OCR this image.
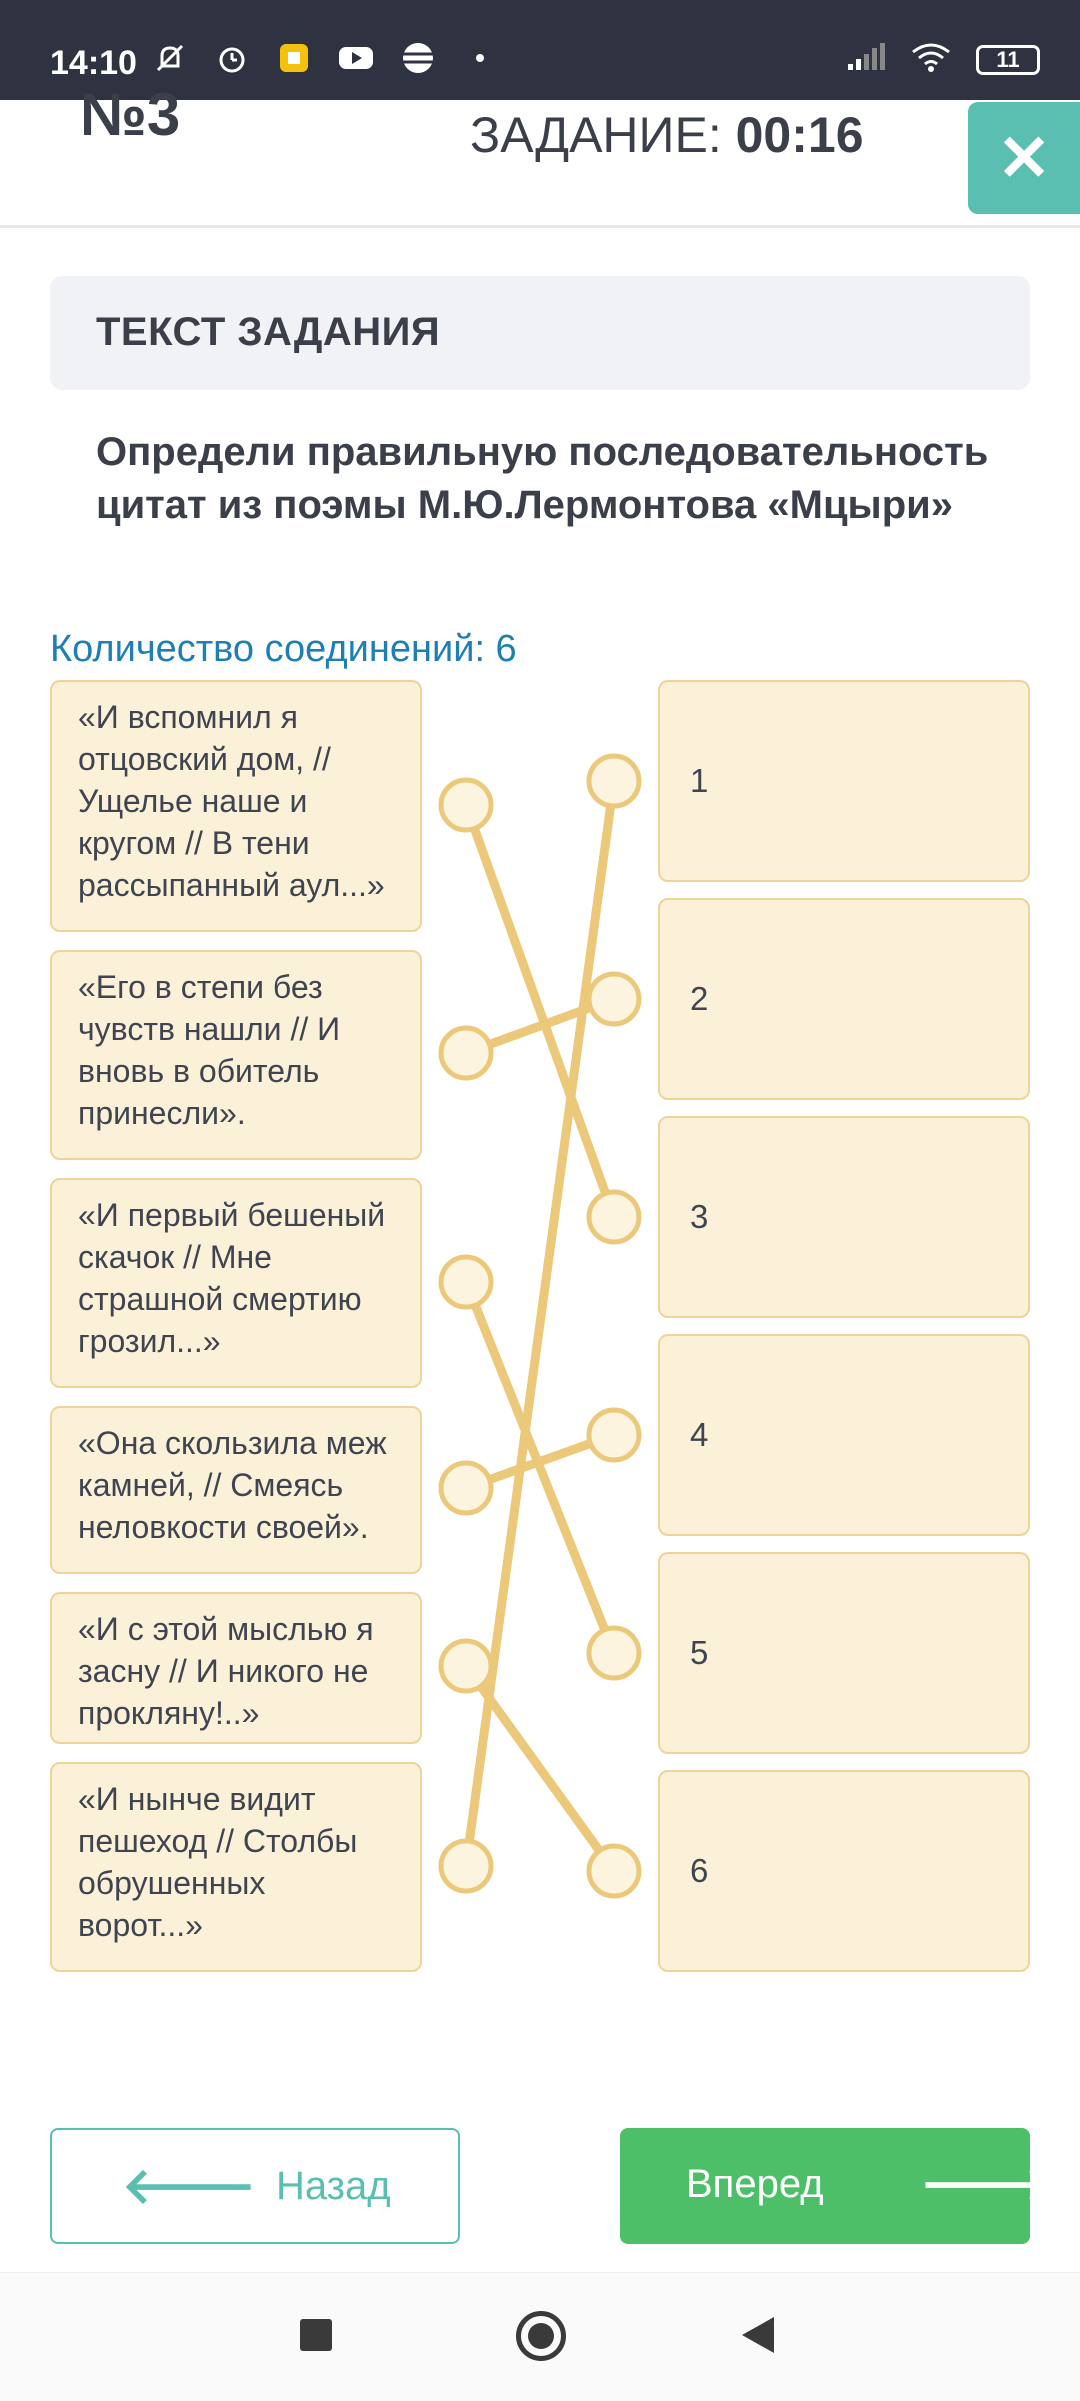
14:10	11
№3	ЗАДАНИЕ: 00:16 ✕
ТЕКСТ ЗАДАНИЯ
Определи правильную последовательность цитат из поэмы М.Ю.Лермонтова «Мцыри»
Количество соединений: 6
«И вспомнил я отцовский дом, // Ущелье наше и кругом // В тени рассыпанный аул...»
«Его в степи без чувств нашли // И вновь в обитель принесли».
«И первый бешеный скачок // Мне страшной смертию грозил...»
«Она скользила меж камней, // Смеясь неловкости своей».
«И с этой мыслью я засну // И никого не прокляну!..»
«И нынче видит пешеход // Столбы обрушенных ворот...»
1
2
3
4
5
6
🡐 Назад	Вперед 🡒
